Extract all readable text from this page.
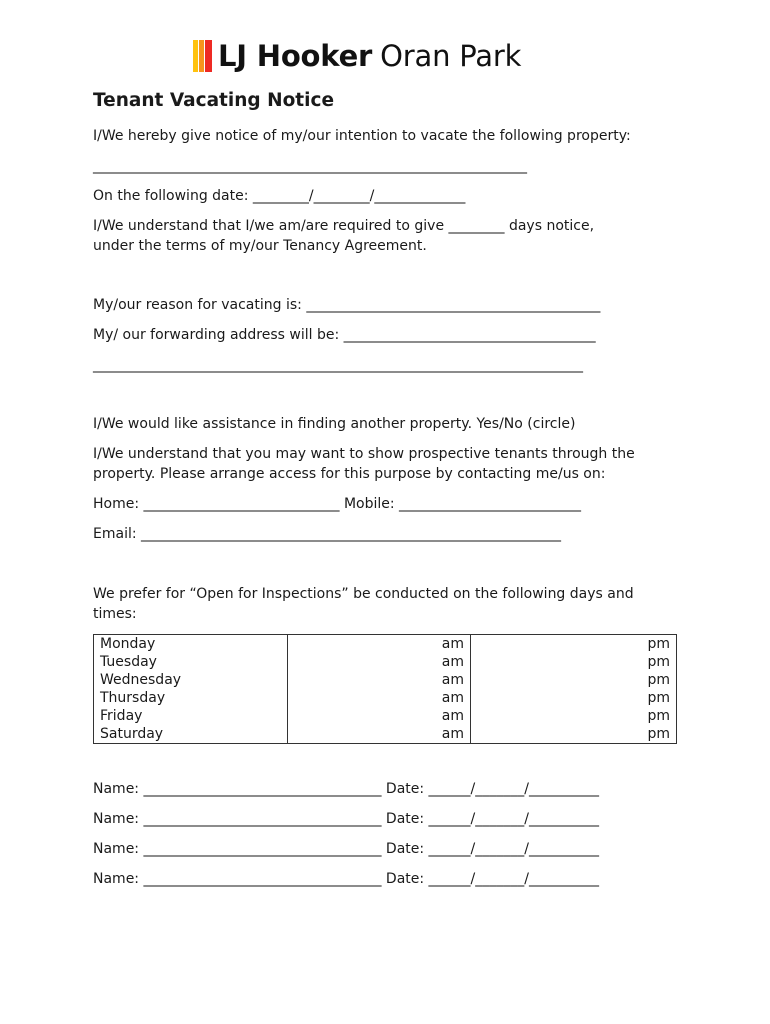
LJ Hooker Oran Park
Tenant Vacating Notice
I/We hereby give notice of my/our intention to vacate the following property:
______________________________________________________________
On the following date: ________/________/_____________
I/We understand that I/we am/are required to give ________ days notice,
under the terms of my/our Tenancy Agreement.
My/our reason for vacating is: __________________________________________
My/ our forwarding address will be: ____________________________________
______________________________________________________________________
I/We would like assistance in finding another property. Yes/No (circle)
I/We understand that you may want to show prospective tenants through the
property. Please arrange access for this purpose by contacting me/us on:
Home: ____________________________ Mobile: __________________________
Email: ____________________________________________________________
We prefer for “Open for Inspections” be conducted on the following days and
times:
Monday	am	pm
Tuesday	am	pm
Wednesday	am	pm
Thursday	am	pm
Friday	am	pm
Saturday	am	pm
Name: __________________________________ Date: ______/_______/__________
Name: __________________________________ Date: ______/_______/__________
Name: __________________________________ Date: ______/_______/__________
Name: __________________________________ Date: ______/_______/__________
